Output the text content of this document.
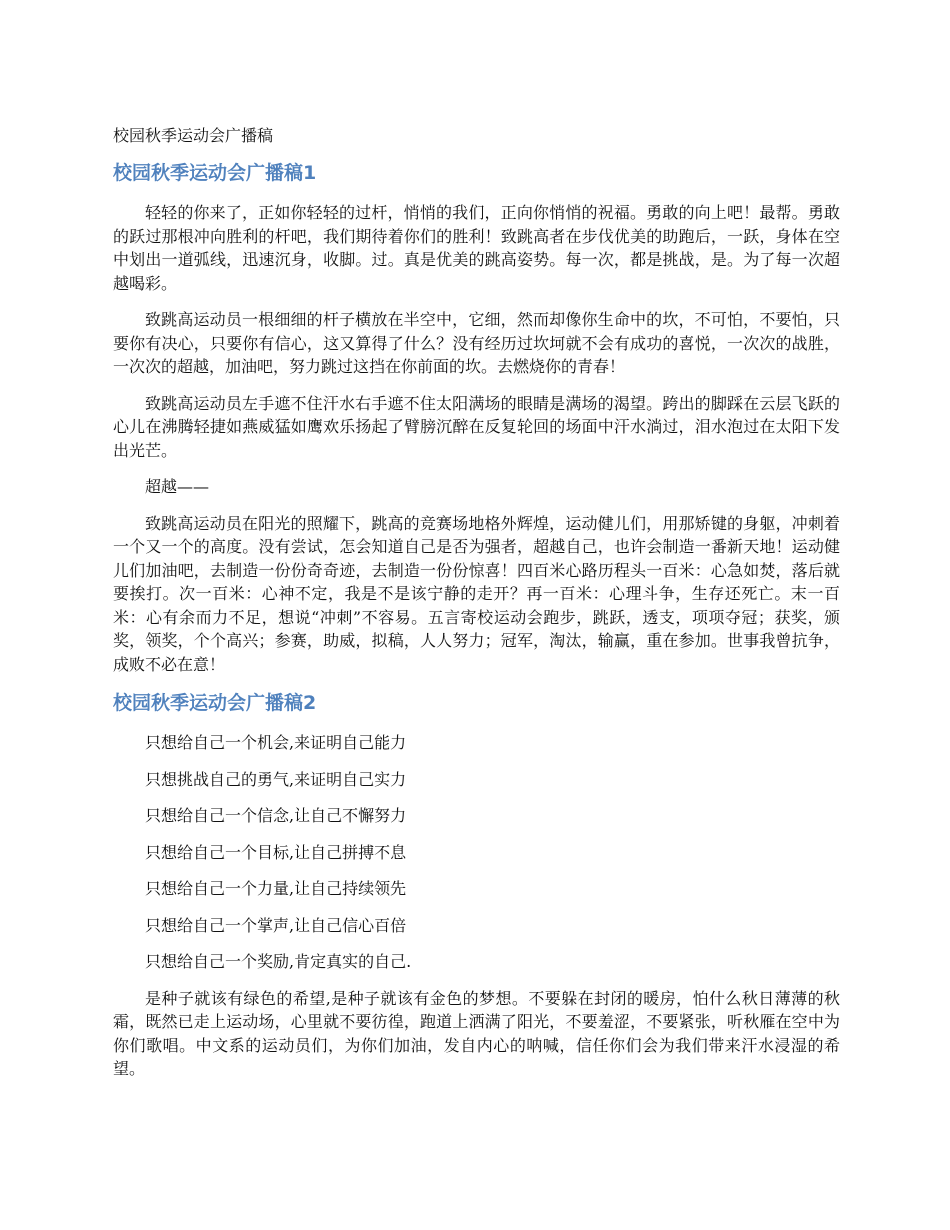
校园秋季运动会广播稿
校园秋季运动会广播稿1

轻轻的你来了，正如你轻轻的过杆，悄悄的我们，正向你悄悄的祝福。勇敢的向上吧！最帮。勇敢的跃过那根冲向胜利的杆吧，我们期待着你们的胜利！致跳高者在步伐优美的助跑后，一跃，身体在空中划出一道弧线，迅速沉身，收脚。过。真是优美的跳高姿势。每一次，都是挑战，是。为了每一次超越喝彩。

致跳高运动员一根细细的杆子横放在半空中，它细，然而却像你生命中的坎，不可怕，不要怕，只要你有决心，只要你有信心，这又算得了什么？没有经历过坎坷就不会有成功的喜悦，一次次的战胜，一次次的超越，加油吧，努力跳过这挡在你前面的坎。去燃烧你的青春！

致跳高运动员左手遮不住汗水右手遮不住太阳满场的眼睛是满场的渴望。跨出的脚踩在云层飞跃的心儿在沸腾轻捷如燕威猛如鹰欢乐扬起了臂膀沉醉在反复轮回的场面中汗水淌过，泪水泡过在太阳下发出光芒。

超越——

致跳高运动员在阳光的照耀下，跳高的竞赛场地格外辉煌，运动健儿们，用那矫键的身躯，冲刺着一个又一个的高度。没有尝试，怎会知道自己是否为强者，超越自己，也许会制造一番新天地！运动健儿们加油吧，去制造一份份奇奇迹，去制造一份份惊喜！四百米心路历程头一百米：心急如焚，落后就要挨打。次一百米：心神不定，我是不是该宁静的走开？再一百米：心理斗争，生存还死亡。末一百米：心有余而力不足，想说“冲刺”不容易。五言寄校运动会跑步，跳跃，透支，项项夺冠；获奖，颁奖，领奖，个个高兴；参赛，助威，拟稿，人人努力；冠军，淘汰，输赢，重在参加。世事我曾抗争，成败不必在意！

校园秋季运动会广播稿2

只想给自己一个机会,来证明自己能力

只想挑战自己的勇气,来证明自己实力

只想给自己一个信念,让自己不懈努力

只想给自己一个目标,让自己拼搏不息

只想给自己一个力量,让自己持续领先

只想给自己一个掌声,让自己信心百倍

只想给自己一个奖励,肯定真实的自己.

是种子就该有绿色的希望,是种子就该有金色的梦想。不要躲在封闭的暖房，怕什么秋日薄薄的秋霜，既然已走上运动场，心里就不要彷徨，跑道上洒满了阳光，不要羞涩，不要紧张，听秋雁在空中为你们歌唱。中文系的运动员们，为你们加油，发自内心的呐喊，信任你们会为我们带来汗水浸湿的希望。
